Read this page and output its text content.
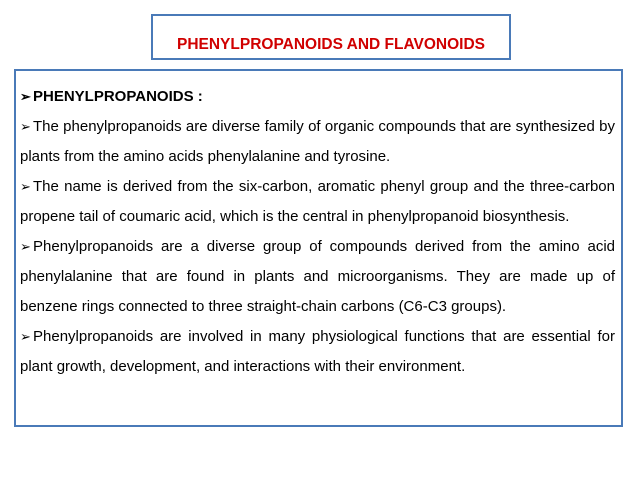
PHENYLPROPANOIDS AND FLAVONOIDS

➢ PHENYLPROPANOIDS :

➢ The phenylpropanoids are diverse family of organic compounds that are synthesized by plants from the amino acids phenylalanine and tyrosine.

➢ The name is derived from the six-carbon, aromatic phenyl group and the three-carbon propene tail of coumaric acid, which is the central in phenylpropanoid biosynthesis.

➢ Phenylpropanoids are a diverse group of compounds derived from the amino acid phenylalanine that are found in plants and microorganisms. They are made up of benzene rings connected to three straight-chain carbons (C6-C3 groups).

➢ Phenylpropanoids are involved in many physiological functions that are essential for plant growth, development, and interactions with their environment.
